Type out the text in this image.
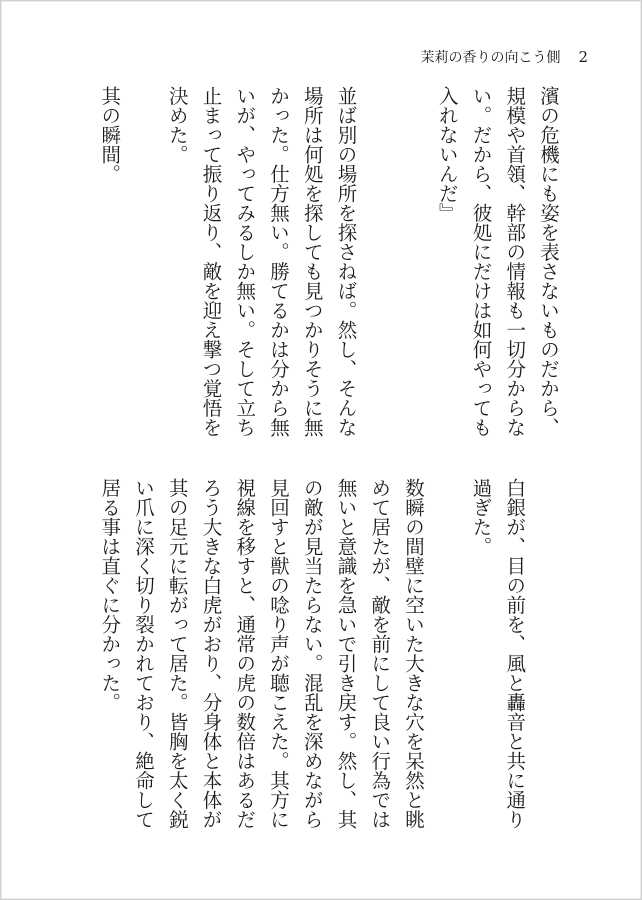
茉莉の香りの向こう側 2
濱の危機にも姿を表さないものだから、
規模や首領、幹部の情報も一切分からな
い。だから、彼処にだけは如何やっても
入れないんだ』
並ば別の場所を探さねば。然し、そんな
場所は何処を探しても見つかりそうに無
かった。仕方無い。勝てるかは分から無
いが、やってみるしか無い。そして立ち
止まって振り返り、敵を迎え撃つ覚悟を
決めた。
其の瞬間。
白銀が、目の前を、風と轟音と共に通り
過ぎた。
数瞬の間壁に空いた大きな穴を呆然と眺
めて居たが、敵を前にして良い行為では
無いと意識を急いで引き戻す。然し、其
の敵が見当たらない。混乱を深めながら
見回すと獣の唸り声が聴こえた。其方に
視線を移すと、通常の虎の数倍はあるだ
ろう大きな白虎がおり、分身体と本体が
其の足元に転がって居た。皆胸を太く鋭
い爪に深く切り裂かれており、絶命して
居る事は直ぐに分かった。
